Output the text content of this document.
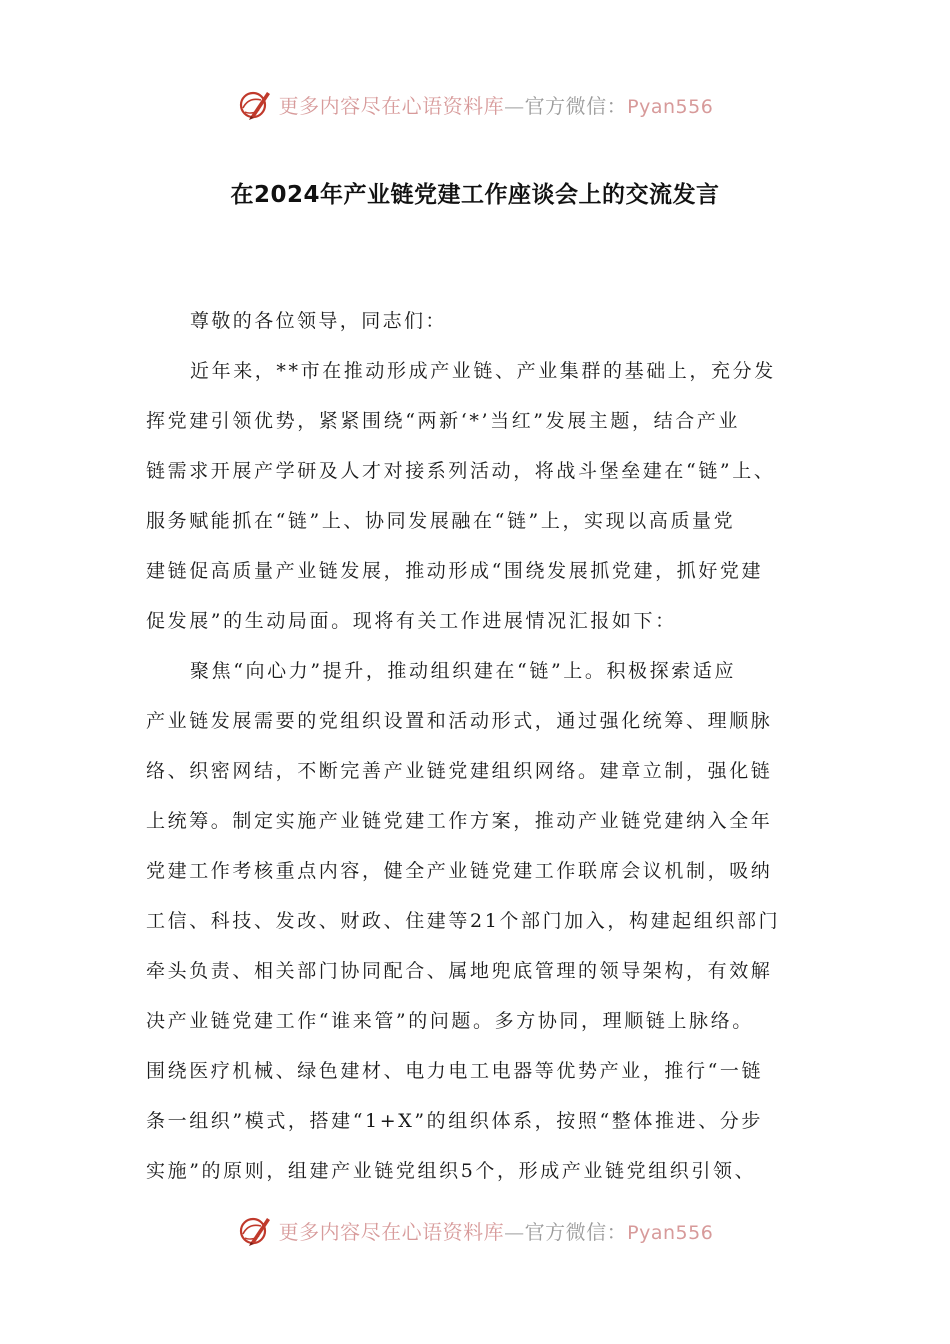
更多内容尽在心语资料库—官方微信：Pyan556
在2024年产业链党建工作座谈会上的交流发言
尊敬的各位领导，同志们：
近年来，**市在推动形成产业链、产业集群的基础上，充分发
挥党建引领优势，紧紧围绕“两新‘*’当红”发展主题，结合产业
链需求开展产学研及人才对接系列活动，将战斗堡垒建在“链”上、
服务赋能抓在“链”上、协同发展融在“链”上，实现以高质量党
建链促高质量产业链发展，推动形成“围绕发展抓党建，抓好党建
促发展”的生动局面。现将有关工作进展情况汇报如下：
聚焦“向心力”提升，推动组织建在“链”上。积极探索适应
产业链发展需要的党组织设置和活动形式，通过强化统筹、理顺脉
络、织密网结，不断完善产业链党建组织网络。建章立制，强化链
上统筹。制定实施产业链党建工作方案，推动产业链党建纳入全年
党建工作考核重点内容，健全产业链党建工作联席会议机制，吸纳
工信、科技、发改、财政、住建等21个部门加入，构建起组织部门
牵头负责、相关部门协同配合、属地兜底管理的领导架构，有效解
决产业链党建工作“谁来管”的问题。多方协同，理顺链上脉络。
围绕医疗机械、绿色建材、电力电工电器等优势产业，推行“一链
条一组织”模式，搭建“1+X”的组织体系，按照“整体推进、分步
实施”的原则，组建产业链党组织5个，形成产业链党组织引领、
更多内容尽在心语资料库—官方微信：Pyan556
